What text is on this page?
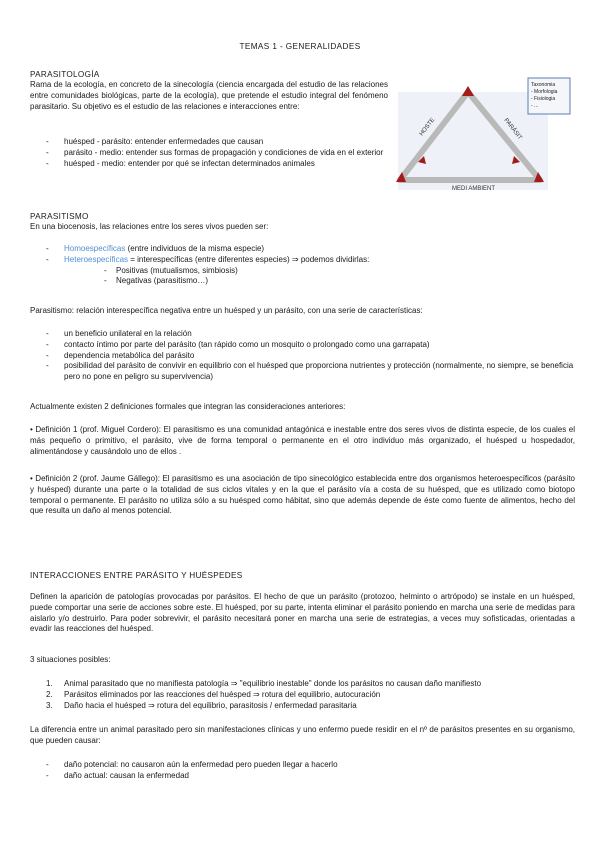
TEMAS 1 - GENERALIDADES
PARASITOLOGÍA

Rama de la ecología, en concreto de la sinecología (ciencia encargada del estudio de las relaciones entre comunidades biológicas, parte de la ecología), que pretende el estudio integral del fenómeno parasitario. Su objetivo es el estudio de las relaciones e interacciones entre:

- huésped - parásito: entender enfermedades que causan
- parásito - medio: entender sus formas de propagación y condiciones de vida en el exterior
- huésped - medio: entender por qué se infectan determinados animales
HOSTE	PARÁSIT
MEDI AMBIENT
Taxonomia
- Morfologia
- Fisiologia
- ...
PARASITISMO

En una biocenosis, las relaciones entre los seres vivos pueden ser:

- Homoespecíficas (entre individuos de la misma especie)
- Heteroespecíficas = interespecíficas (entre diferentes especies) ⇒ podemos dividirlas:
- Positivas (mutualismos, simbiosis)
- Negativas (parasitismo…)

Parasitismo: relación interespecífica negativa entre un huésped y un parásito, con una serie de características:

- un beneficio unilateral en la relación
- contacto íntimo por parte del parásito (tan rápido como un mosquito o prolongado como una garrapata)
- dependencia metabólica del parásito
- posibilidad del parásito de convivir en equilibrio con el huésped que proporciona nutrientes y protección (normalmente, no siempre, se beneficia pero no pone en peligro su supervivencia)

Actualmente existen 2 definiciones formales que integran las consideraciones anteriores:

• Definición 1 (prof. Miguel Cordero): El parasitismo es una comunidad antagónica e inestable entre dos seres vivos de distinta especie, de los cuales el más pequeño o primitivo, el parásito, vive de forma temporal o permanente en el otro individuo más organizado, el huésped u hospedador, alimentándose y causándolo uno de ellos .

• Definición 2 (prof. Jaume Gállego): El parasitismo es una asociación de tipo sinecológico establecida entre dos organismos heteroespecíficos (parásito y huésped) durante una parte o la totalidad de sus ciclos vitales y en la que el parásito vía a costa de su huésped, que es utilizado como biotopo temporal o permanente. El parásito no utiliza sólo a su huésped como hábitat, sino que además depende de éste como fuente de alimentos, hecho del que resulta un daño al menos potencial.

INTERACCIONES ENTRE PARÁSITO Y HUÉSPEDES

Definen la aparición de patologías provocadas por parásitos. El hecho de que un parásito (protozoo, helminto o artrópodo) se instale en un huésped, puede comportar una serie de acciones sobre este. El huésped, por su parte, intenta eliminar el parásito poniendo en marcha una serie de medidas para aislarlo y/o destruirlo. Para poder sobrevivir, el parásito necesitará poner en marcha una serie de estrategias, a veces muy sofisticadas, orientadas a evadir las reacciones del huésped.

3 situaciones posibles:

1. Animal parasitado que no manifiesta patología ⇒ "equilibrio inestable" donde los parásitos no causan daño manifiesto
2. Parásitos eliminados por las reacciones del huésped ⇒ rotura del equilibrio, autocuración
3. Daño hacia el huésped ⇒ rotura del equilibrio, parasitosis / enfermedad parasitaria

La diferencia entre un animal parasitado pero sin manifestaciones clínicas y uno enfermo puede residir en el nº de parásitos presentes en su organismo, que pueden causar:

- daño potencial: no causaron aún la enfermedad pero pueden llegar a hacerlo
- daño actual: causan la enfermedad
